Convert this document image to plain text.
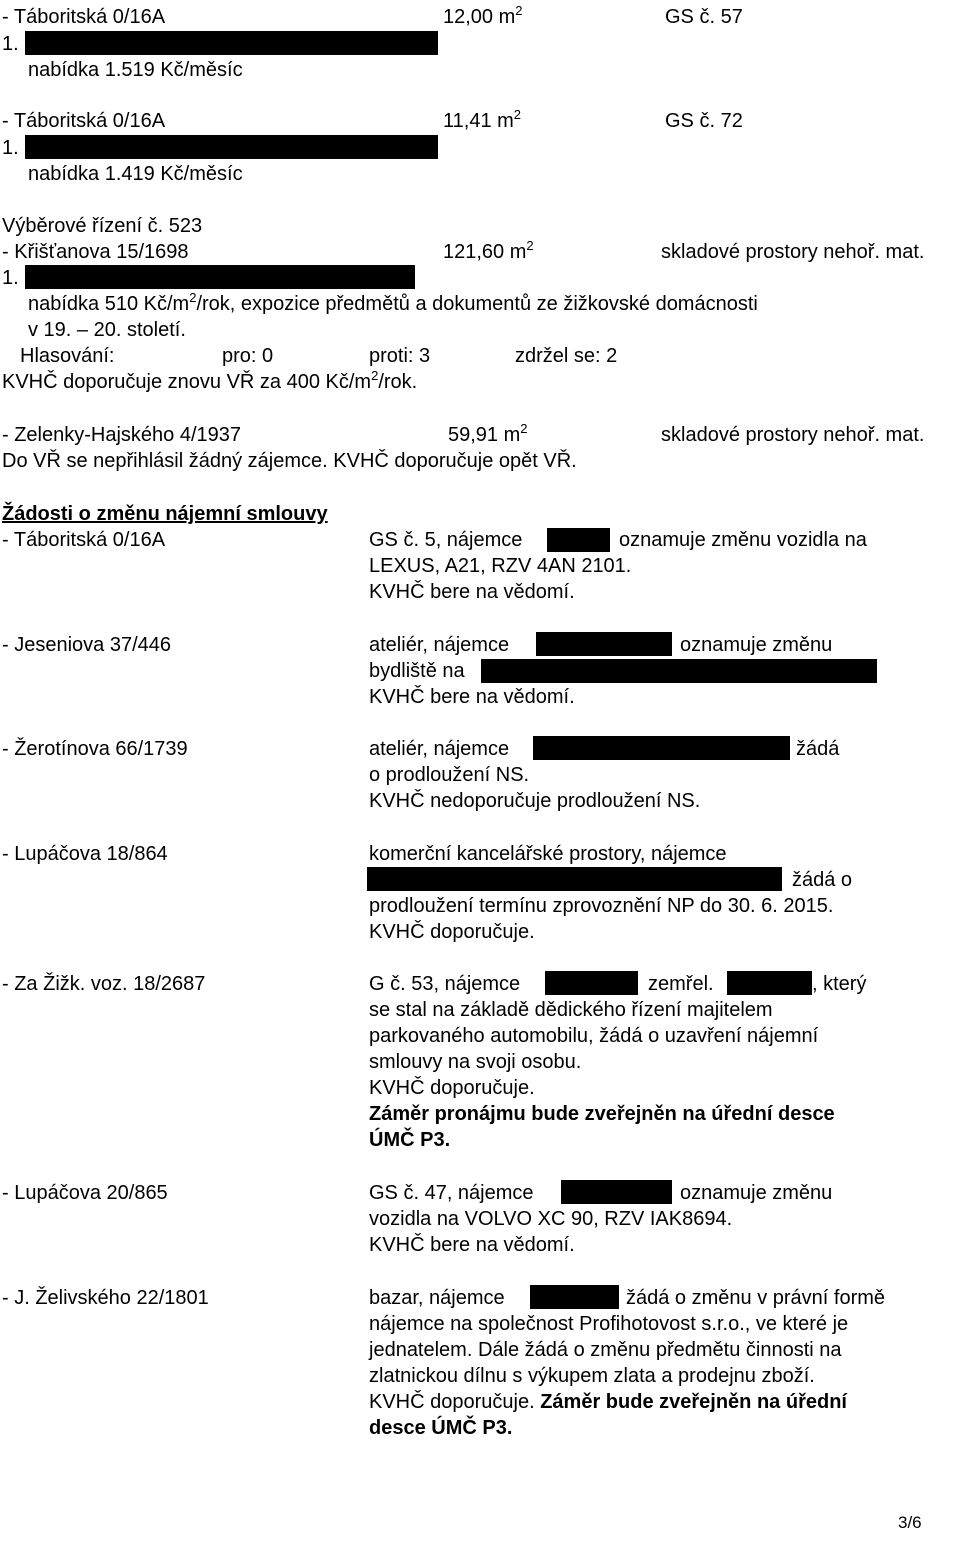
- Táboritská 0/16A	12,00 $m^2$	GS č. 57
1.
nabídka 1.519 Kč/měsíc
- Táboritská 0/16A	11,41 $m^2$	GS č. 72
1.
nabídka 1.419 Kč/měsíc
Výběrové řízení č. 523
- Křišťanova 15/1698	121,60 $m^2$	skladové prostory nehoř. mat.
1.
nabídka 510 $Kč/m^2$/rok, expozice předmětů a dokumentů ze žižkovské domácnosti
v 19. – 20. století.
Hlasování:	pro: 0	proti: 3	zdržel se: 2
KVHČ doporučuje znovu VŘ za 400 $Kč/m^2$/rok.
- Zelenky-Hajského 4/1937	59,91 $m^2$	skladové prostory nehoř. mat.
Do VŘ se nepřihlásil žádný zájemce. KVHČ doporučuje opět VŘ.
Žádosti o změnu nájemní smlouvy
- Táboritská 0/16A	GS č. 5, nájemce	oznamuje změnu vozidla na
LEXUS, A21, RZV 4AN 2101.
KVHČ bere na vědomí.
- Jeseniova 37/446	ateliér, nájemce	oznamuje změnu
bydliště na
KVHČ bere na vědomí.
- Žerotínova 66/1739	ateliér, nájemce	žádá
o prodloužení NS.
KVHČ nedoporučuje prodloužení NS.
- Lupáčova 18/864	komerční kancelářské prostory, nájemce
žádá o
prodloužení termínu zprovoznění NP do 30. 6. 2015.
KVHČ doporučuje.
- Za Žižk. voz. 18/2687	G č. 53, nájemce	zemřel.	, který
se stal na základě dědického řízení majitelem
parkovaného automobilu, žádá o uzavření nájemní
smlouvy na svoji osobu.
KVHČ doporučuje.
Záměr pronájmu bude zveřejněn na úřední desce
ÚMČ P3.
- Lupáčova 20/865	GS č. 47, nájemce	oznamuje změnu
vozidla na VOLVO XC 90, RZV IAK8694.
KVHČ bere na vědomí.
- J. Želivského 22/1801	bazar, nájemce	žádá o změnu v právní formě
nájemce na společnost Profihotovost s.r.o., ve které je
jednatelem. Dále žádá o změnu předmětu činnosti na
zlatnickou dílnu s výkupem zlata a prodejnu zboží.
KVHČ doporučuje. Záměr bude zveřejněn na úřední
desce ÚMČ P3.
3/6
